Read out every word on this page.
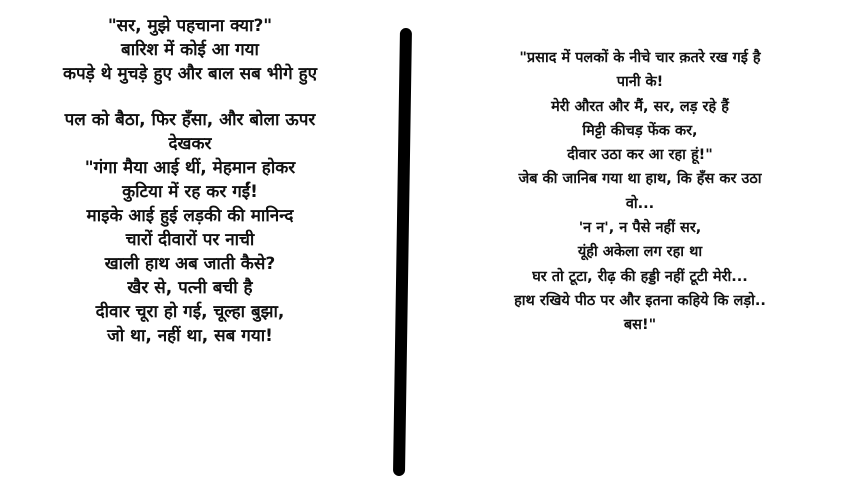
"सर, मुझे पहचाना क्या?"
बारिश में कोई आ गया
कपड़े थे मुचड़े हुए और बाल सब भीगे हुए
पल को बैठा, फिर हँसा, और बोला ऊपर
देखकर
"गंगा मैया आई थीं, मेहमान होकर
कुटिया में रह कर गईं!
माइके आई हुई लड़की की मानिन्द
चारों दीवारों पर नाची
खाली हाथ अब जाती कैसे?
खैर से, पत्नी बची है
दीवार चूरा हो गई, चूल्हा बुझा,
जो था, नहीं था, सब गया!
"प्रसाद में पलकों के नीचे चार क़तरे रख गई है
पानी के!
मेरी औरत और मैं, सर, लड़ रहे हैं
मिट्टी कीचड़ फेंक कर,
दीवार उठा कर आ रहा हूं!"
जेब की जानिब गया था हाथ, कि हँस कर उठा
वो...
'न न', न पैसे नहीं सर,
यूंही अकेला लग रहा था
घर तो टूटा, रीढ़ की हड्डी नहीं टूटी मेरी...
हाथ रखिये पीठ पर और इतना कहिये कि लड़ो..
बस!"
